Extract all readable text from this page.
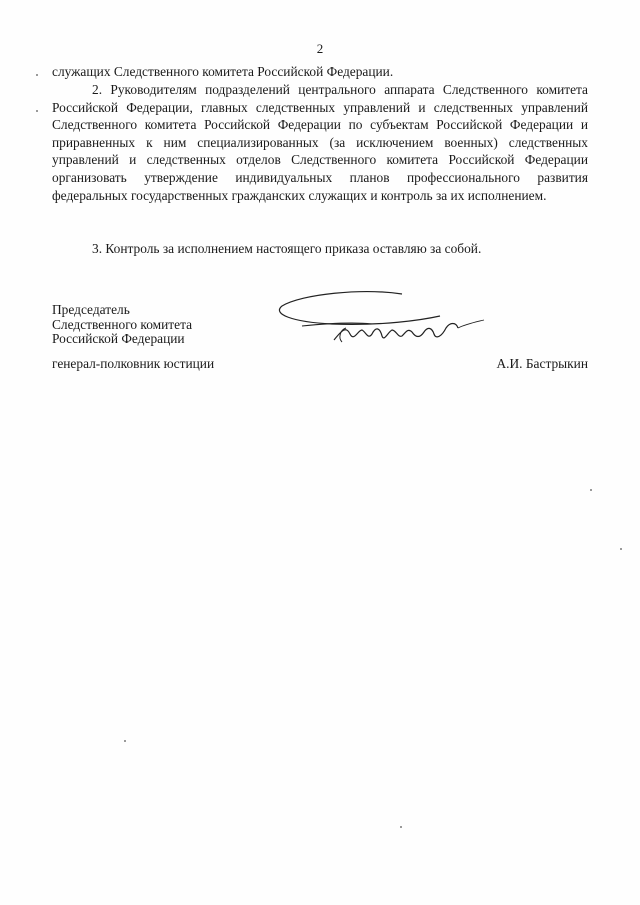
2
служащих Следственного комитета Российской Федерации.
2. Руководителям подразделений центрального аппарата Следственного комитета Российской Федерации, главных следственных управлений и следственных управлений Следственного комитета Российской Федерации по субъектам Российской Федерации и приравненных к ним специализированных (за исключением военных) следственных управлений и следственных отделов Следственного комитета Российской Федерации организовать утверждение индивидуальных планов профессионального развития федеральных государственных гражданских служащих и контроль за их исполнением.
3. Контроль за исполнением настоящего приказа оставляю за собой.
Председатель
Следственного комитета
Российской Федерации
генерал-полковник юстиции	А.И. Бастрыкин
